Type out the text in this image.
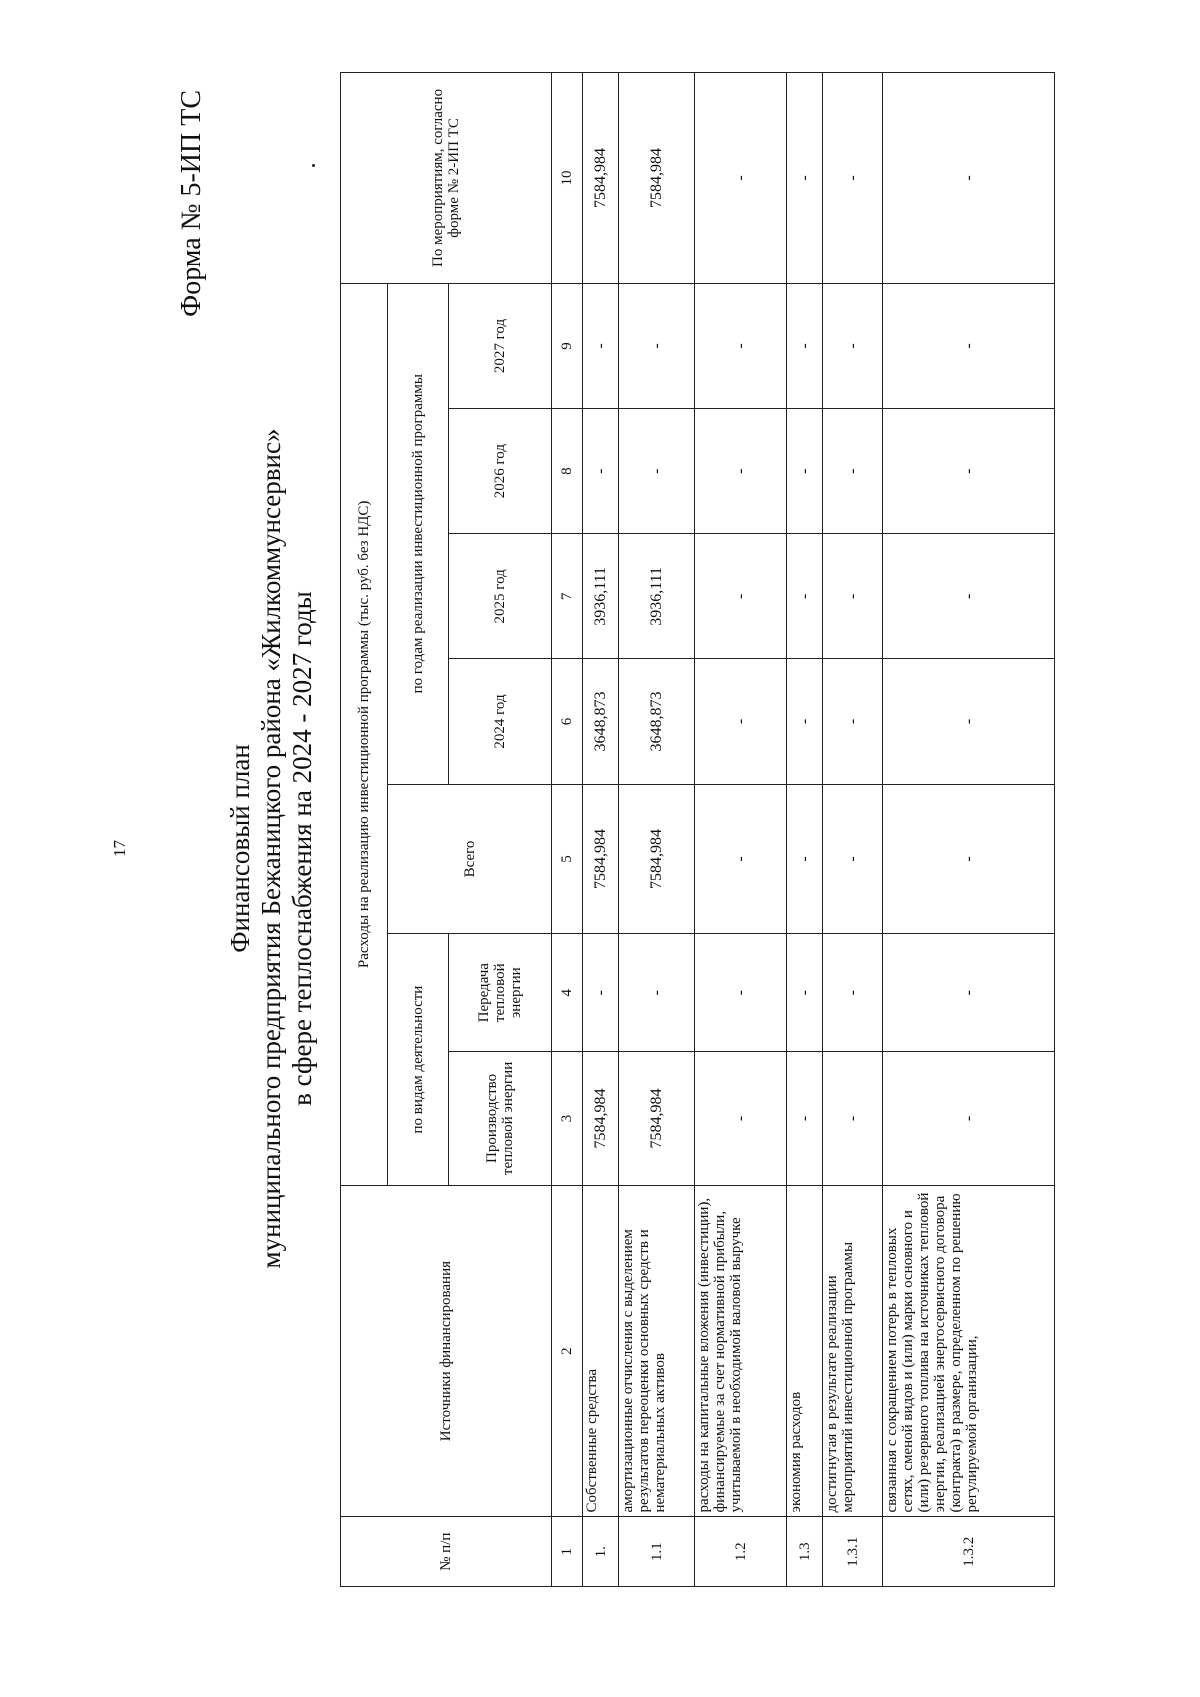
17
Форма № 5-ИП ТС
Финансовый план муниципального предприятия Бежаницкого района «Жилкоммунсервис» в сфере теплоснабжения на 2024 - 2027 годы
№ п/п	Источники финансирования	Расходы на реализацию инвестиционной программы (тыс. руб. без НДС)							По мероприятиям, согласно форме № 2-ИП ТС
		по видам деятельности		Всего	по годам реализации инвестиционной программы				
		Производство тепловой энергии	Передача тепловой энергии		2024 год	2025 год	2026 год	2027 год	
1	2	3	4	5	6	7	8	9	10
1.	Собственные средства	7584,984	-	7584,984	3648,873	3936,111	-	-	7584,984
1.1	амортизационные отчисления с выделением результатов переоценки основных средств и нематериальных активов	7584,984	-	7584,984	3648,873	3936,111	-	-	7584,984
1.2	расходы на капитальные вложения (инвестиции), финансируемые за счет нормативной прибыли, учитываемой в необходимой валовой выручке	-	-	-	-	-	-	-	-
1.3	экономия расходов	-	-	-	-	-	-	-	-
1.3.1	достигнутая в результате реализации мероприятий инвестиционной программы	-	-	-	-	-	-	-	-
1.3.2	связанная с сокращением потерь в тепловых сетях, сменой видов и (или) марки основного и (или) резервного топлива на источниках тепловой энергии, реализацией энергосервисного договора (контракта) в размере, определенном по решению регулируемой организации,	-	-	-	-	-	-	-	-
